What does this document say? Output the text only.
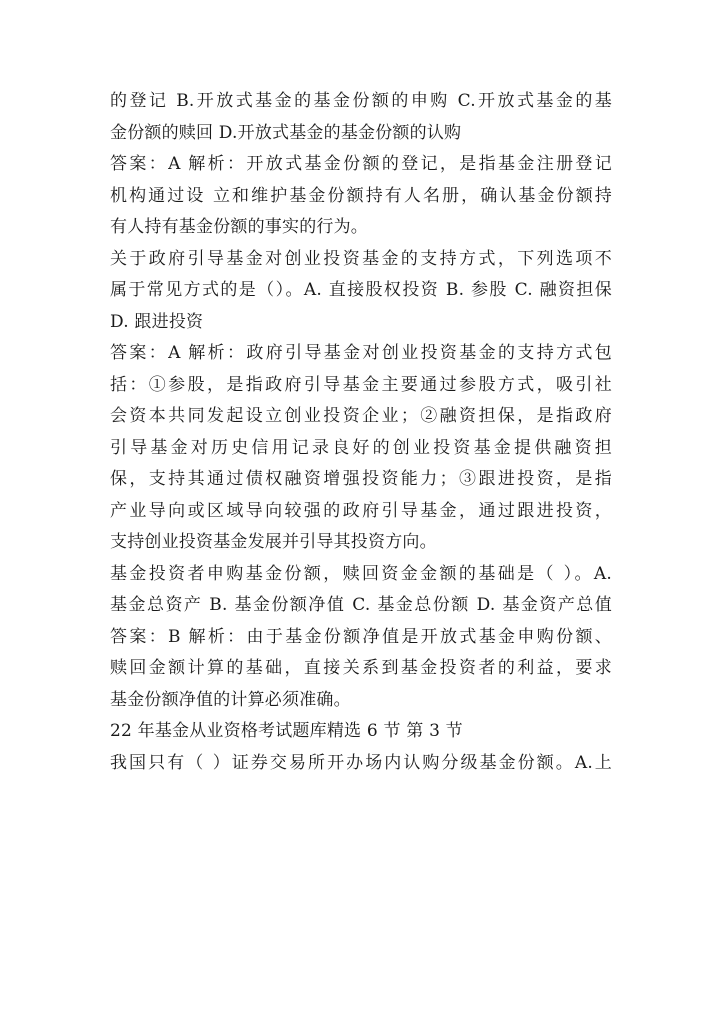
的登记 B.开放式基金的基金份额的申购 C.开放式基金的基
金份额的赎回 D.开放式基金的基金份额的认购
答案：A 解析：开放式基金份额的登记，是指基金注册登记
机构通过设 立和维护基金份额持有人名册，确认基金份额持
有人持有基金份额的事实的行为。
关于政府引导基金对创业投资基金的支持方式，下列选项不
属于常见方式的是（）。A. 直接股权投资 B. 参股 C. 融资担保
D. 跟进投资
答案：A 解析：政府引导基金对创业投资基金的支持方式包
括：①参股，是指政府引导基金主要通过参股方式，吸引社
会资本共同发起设立创业投资企业；②融资担保，是指政府
引导基金对历史信用记录良好的创业投资基金提供融资担
保，支持其通过债权融资增强投资能力；③跟进投资，是指
产业导向或区域导向较强的政府引导基金，通过跟进投资，
支持创业投资基金发展并引导其投资方向。
基金投资者申购基金份额，赎回资金金额的基础是（ ）。A.
基金总资产 B. 基金份额净值 C. 基金总份额 D. 基金资产总值
答案：B 解析：由于基金份额净值是开放式基金申购份额、
赎回金额计算的基础，直接关系到基金投资者的利益，要求
基金份额净值的计算必须准确。
22 年基金从业资格考试题库精选 6 节 第 3 节
我国只有（ ）证券交易所开办场内认购分级基金份额。A.上
